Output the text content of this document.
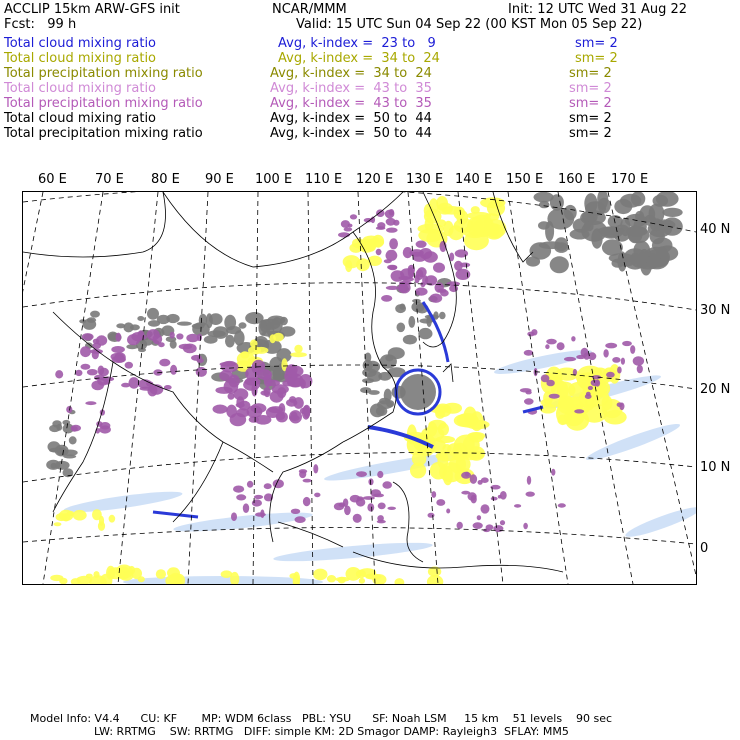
ACCLIP 15km ARW-GFS init
Fcst:   99 h
NCAR/MMM	Init: 12 UTC Wed 31 Aug 22
Valid: 15 UTC Sun 04 Sep 22 (00 KST Mon 05 Sep 22)
Total cloud mixing ratio	Avg, k-index =  23 to   9	sm= 2
Total cloud mixing ratio	Avg, k-index =  34 to  24	sm= 2
Total precipitation mixing ratio	Avg, k-index =  34 to  24	sm= 2
Total cloud mixing ratio	Avg, k-index =  43 to  35	sm= 2
Total precipitation mixing ratio	Avg, k-index =  43 to  35	sm= 2
Total cloud mixing ratio	Avg, k-index =  50 to  44	sm= 2
Total precipitation mixing ratio	Avg, k-index =  50 to  44	sm= 2
60 E 70 E 80 E 90 E 100 E 110 E 120 E 130 E 140 E 150 E 160 E 170 E
40 N
30 N
20 N
10 N
0
Model Info: V4.4      CU: KF       MP: WDM 6class   PBL: YSU      SF: Noah LSM     15 km    51 levels    90 sec
LW: RRTMG    SW: RRTMG   DIFF: simple KM: 2D Smagor DAMP: Rayleigh3  SFLAY: MM5
